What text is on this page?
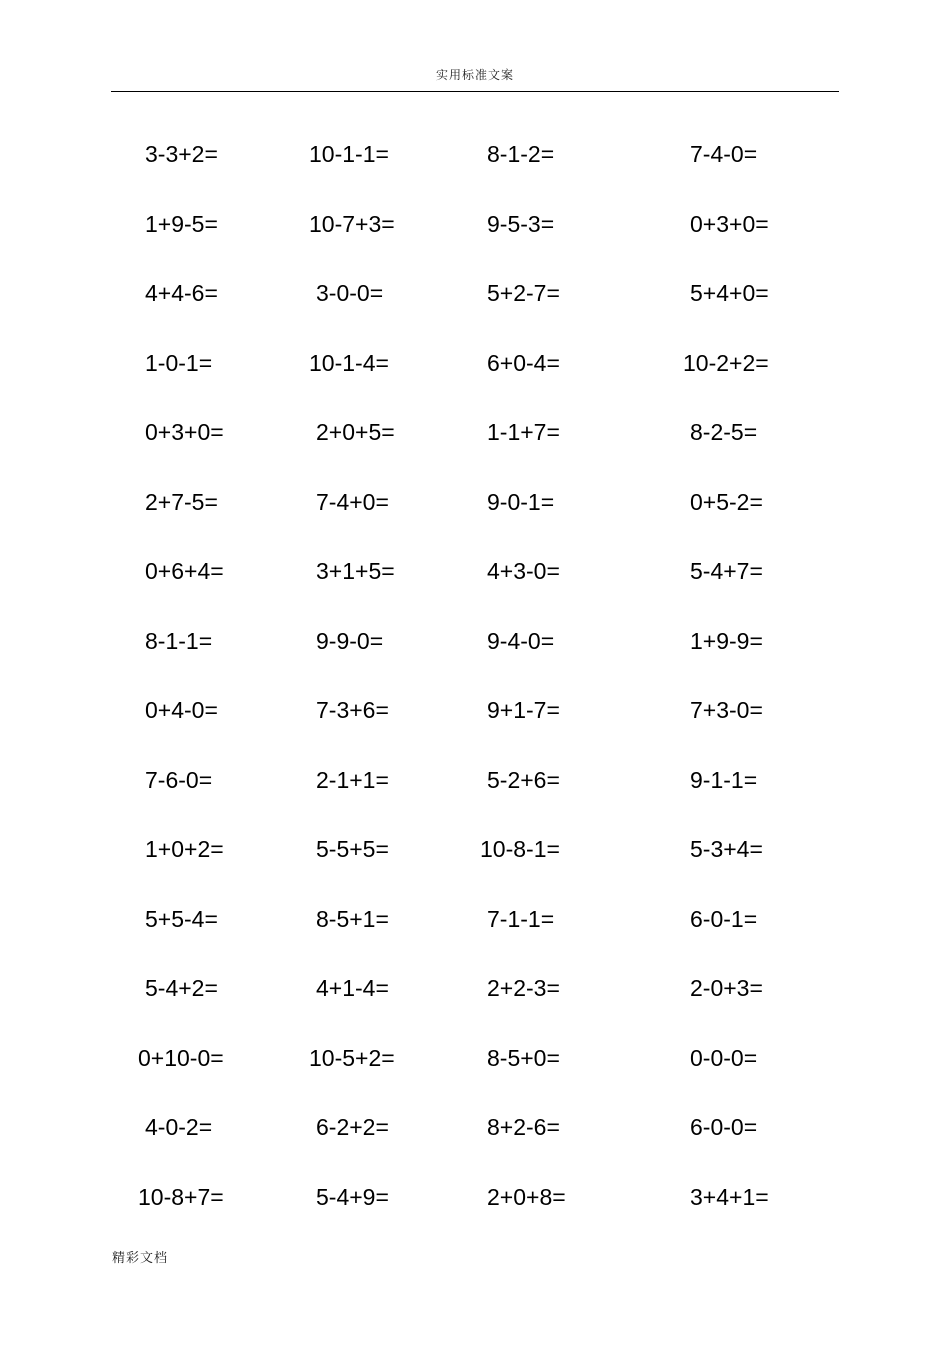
实用标准文案
3-3+2=	10-1-1=	8-1-2=	7-4-0=
1+9-5=	10-7+3=	9-5-3=	0+3+0=
4+4-6=	3-0-0=	5+2-7=	5+4+0=
1-0-1=	10-1-4=	6+0-4=	10-2+2=
0+3+0=	2+0+5=	1-1+7=	8-2-5=
2+7-5=	7-4+0=	9-0-1=	0+5-2=
0+6+4=	3+1+5=	4+3-0=	5-4+7=
8-1-1=	9-9-0=	9-4-0=	1+9-9=
0+4-0=	7-3+6=	9+1-7=	7+3-0=
7-6-0=	2-1+1=	5-2+6=	9-1-1=
1+0+2=	5-5+5=	10-8-1=	5-3+4=
5+5-4=	8-5+1=	7-1-1=	6-0-1=
5-4+2=	4+1-4=	2+2-3=	2-0+3=
0+10-0=	10-5+2=	8-5+0=	0-0-0=
4-0-2=	6-2+2=	8+2-6=	6-0-0=
10-8+7=	5-4+9=	2+0+8=	3+4+1=
精彩文档
